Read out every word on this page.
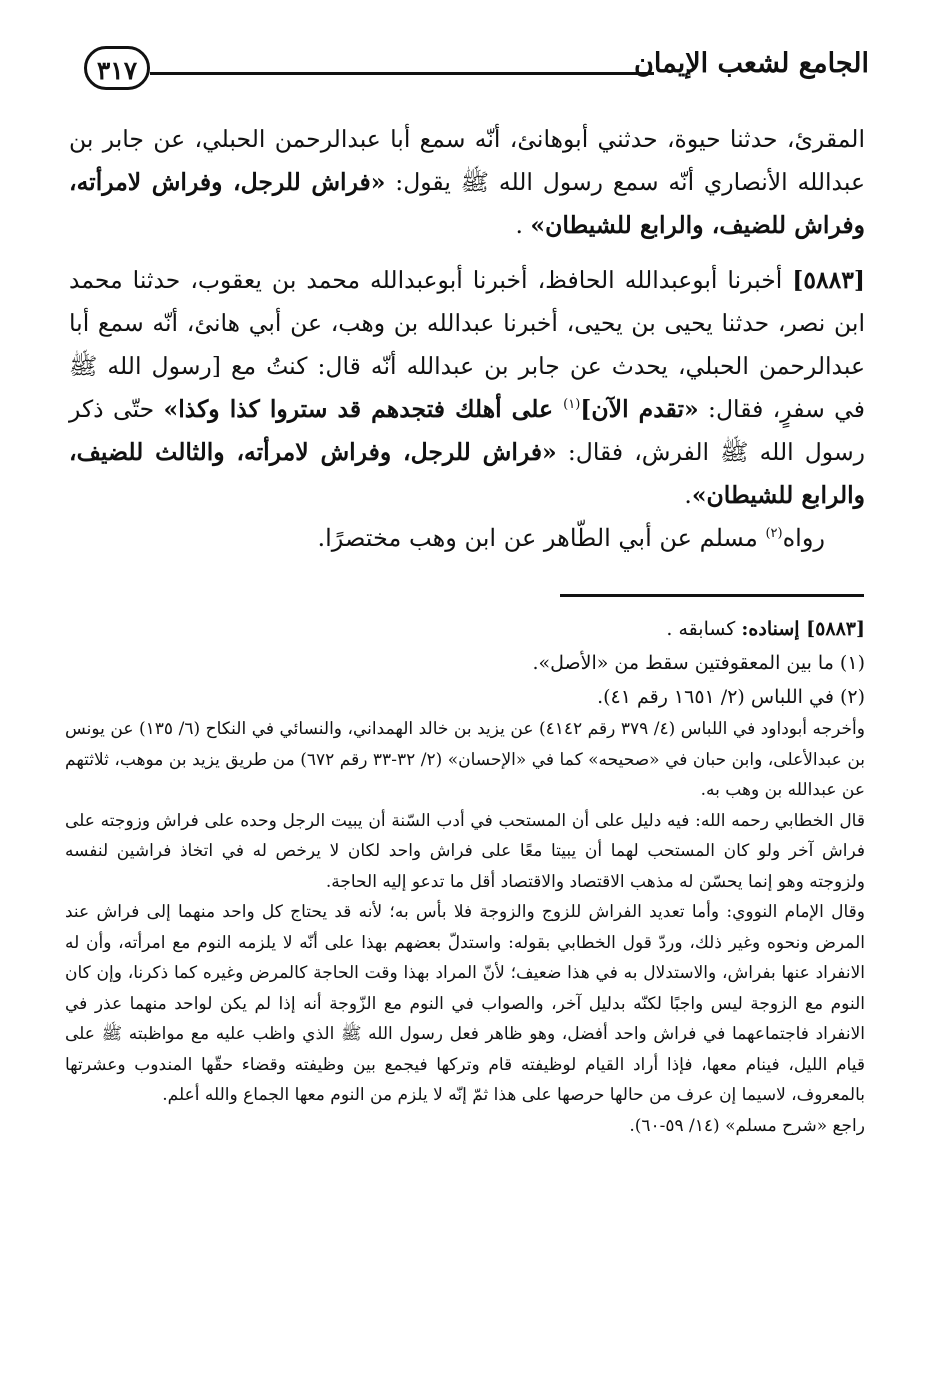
الجامع لشعب الإيمان
٣١٧

المقرئ، حدثنا حيوة، حدثني أبوهانئ، أنّه سمع أبا عبدالرحمن الحبلي، عن جابر بن عبدالله الأنصاري أنّه سمع رسول الله ﷺ يقول: «فراش للرجل، وفراش لامرأته، وفراش للضيف، والرابع للشيطان» .

[٥٨٨٣] أخبرنا أبوعبدالله الحافظ، أخبرنا أبوعبدالله محمد بن يعقوب، حدثنا محمد ابن نصر، حدثنا يحيى بن يحيى، أخبرنا عبدالله بن وهب، عن أبي هانئ، أنّه سمع أبا عبدالرحمن الحبلي، يحدث عن جابر بن عبدالله أنّه قال: كنتُ مع [رسول الله ﷺ في سفرٍ، فقال: «تقدم الآن]$^{(١)}$ على أهلك فتجدهم قد ستروا كذا وكذا» حتّى ذكر رسول الله ﷺ الفرش، فقال: «فراش للرجل، وفراش لامرأته، والثالث للضيف، والرابع للشيطان».

رواه$^{(٢)}$ مسلم عن أبي الطّاهر عن ابن وهب مختصرًا.

[٥٨٨٣] إسناده: كسابقه .

(١) ما بين المعقوفتين سقط من «الأصل».

(٢) في اللباس (٢/ ١٦٥١ رقم ٤١).

وأخرجه أبوداود في اللباس (٤/ ٣٧٩ رقم ٤١٤٢) عن يزيد بن خالد الهمداني، والنسائي في النكاح (٦/ ١٣٥) عن يونس بن عبدالأعلى، وابن حبان في «صحيحه» كما في «الإحسان» (٢/ ٣٢-٣٣ رقم ٦٧٢) من طريق يزيد بن موهب، ثلاثتهم عن عبدالله بن وهب به.

قال الخطابي رحمه الله: فيه دليل على أن المستحب في أدب السّنة أن يبيت الرجل وحده على فراش وزوجته على فراش آخر ولو كان المستحب لهما أن يبيتا معًا على فراش واحد لكان لا يرخص له في اتخاذ فراشين لنفسه ولزوجته وهو إنما يحسّن له مذهب الاقتصاد والاقتصاد أقل ما تدعو إليه الحاجة.

وقال الإمام النووي: وأما تعديد الفراش للزوج والزوجة فلا بأس به؛ لأنه قد يحتاج كل واحد منهما إلى فراش عند المرض ونحوه وغير ذلك، وردّ قول الخطابي بقوله: واستدلّ بعضهم بهذا على أنّه لا يلزمه النوم مع امرأته، وأن له الانفراد عنها بفراش، والاستدلال به في هذا ضعيف؛ لأنّ المراد بهذا وقت الحاجة كالمرض وغيره كما ذكرنا، وإن كان النوم مع الزوجة ليس واجبًا لكنّه بدليل آخر، والصواب في النوم مع الزّوجة أنه إذا لم يكن لواحد منهما عذر في الانفراد فاجتماعهما في فراش واحد أفضل، وهو ظاهر فعل رسول الله ﷺ الذي واظب عليه مع مواظبته ﷺ على قيام الليل، فينام معها، فإذا أراد القيام لوظيفته قام وتركها فيجمع بين وظيفته وقضاء حقّها المندوب وعشرتها بالمعروف، لاسيما إن عرف من حالها حرصها على هذا ثمّ إنّه لا يلزم من النوم معها الجماع والله أعلم.

راجع «شرح مسلم» (١٤/ ٥٩-٦٠).
